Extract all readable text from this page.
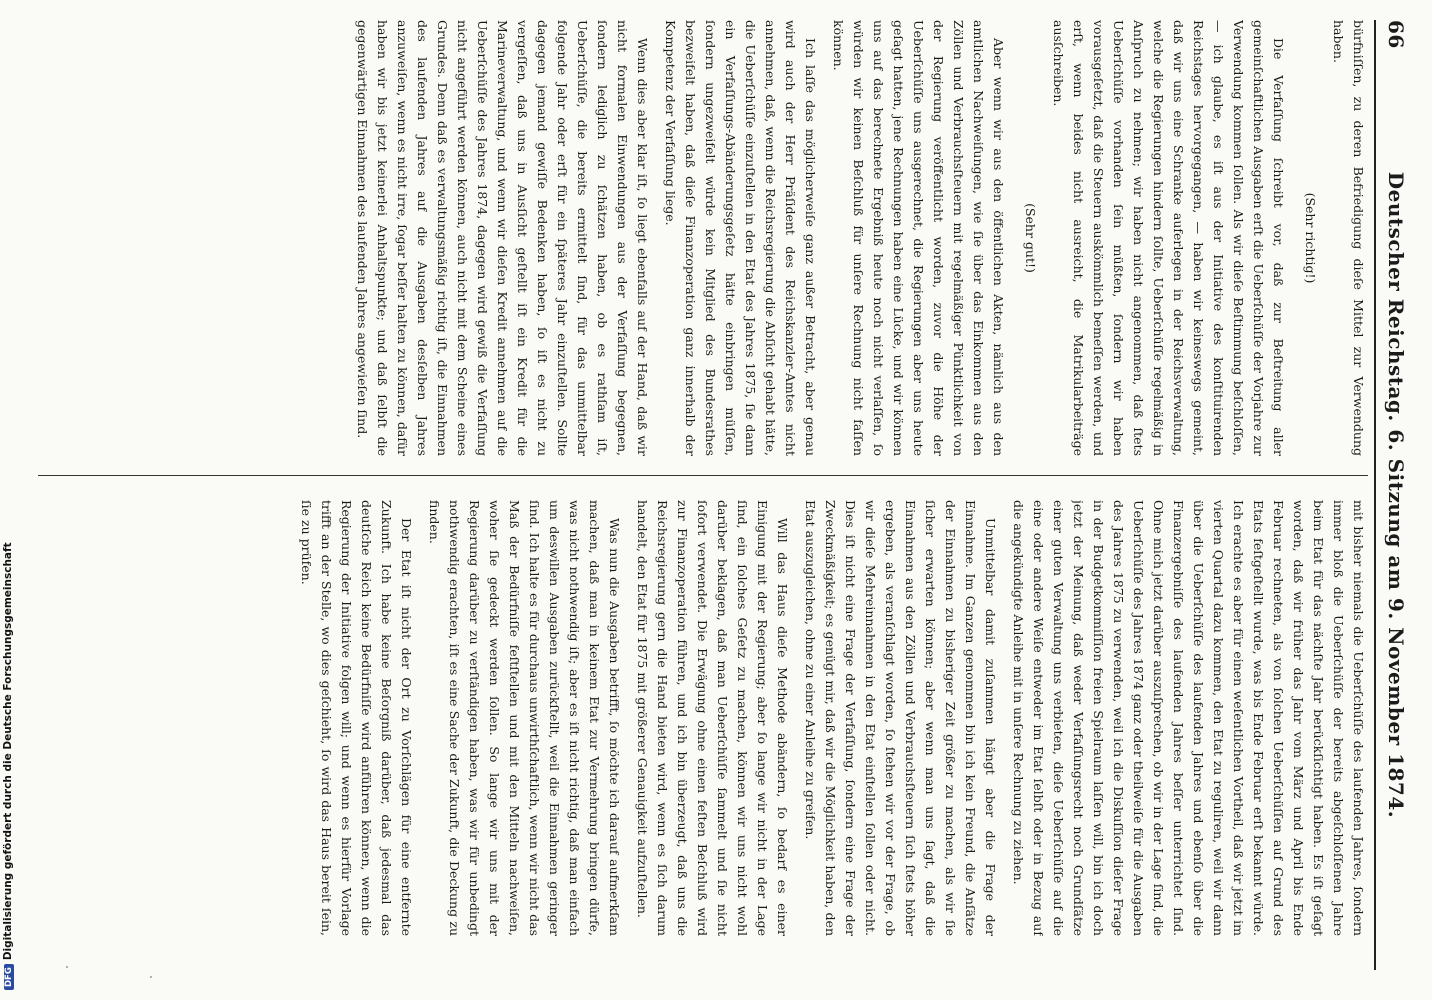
66
Deutscher Reichstag. 6. Sitzung am 9. November 1874.

bürfniſſen, zu deren Befriedigung dieſe Mittel zur Verwendung haben.

(Sehr richtig!)

Die Verfaſſung ſchreibt vor, daß zur Beſtreitung aller gemeinſchaftlichen Ausgaben erſt die Ueberſchüſſe der Vorjahre zur Verwendung kommen ſollen. Als wir dieſe Beſtimmung beſchloſſen, — ich glaube, es iſt aus der Initiative des konſtituirenden Reichstages hervorgegangen, — haben wir keineswegs gemeint, daß wir uns eine Schranke auferlegen in der Reichsverwaltung, welche die Regierungen hindern ſollte, Ueberſchüſſe regelmäßig in Anſpruch zu nehmen; wir haben nicht angenommen, daß ſtets Ueberſchüſſe vorhanden ſein müßten, ſondern wir haben vorausgeſetzt, daß die Steuern auskömmlich bemeſſen werden, und erſt, wenn beides nicht ausreicht, die Matrikularbeiträge ausſchreiben.

(Sehr gut!)

Aber wenn wir aus den öffentlichen Akten, nämlich aus den amtlichen Nachweiſungen, wie ſie über das Einkommen aus den Zöllen und Verbrauchsſteuern mit regelmäßiger Pünktlichkeit von der Regierung veröffentlicht worden, zuvor die Höhe der Ueberſchüſſe uns ausgerechnet, die Regierungen aber uns heute geſagt hatten, jene Rechnungen haben eine Lücke, und wir können uns auf das berechnete Ergebniß heute noch nicht verlaſſen, ſo würden wir keinen Beſchluß für unſere Rechnung nicht faſſen können.

Ich laſſe das möglicherweiſe ganz außer Betracht, aber genau wird auch der Herr Präſident des Reichskanzler-Amtes nicht annehmen, daß, wenn die Reichsregierung die Abſicht gehabt hätte, die Ueberſchüſſe einzuſtellen in den Etat des Jahres 1875, ſie dann ein Verfaſſungs-Abänderungsgeſetz hätte einbringen müſſen, ſondern ungezweifelt würde kein Mitglied des Bundesrathes bezweifelt haben, daß dieſe Finanzoperation ganz innerhalb der Kompetenz der Verfaſſung liege.

Wenn dies aber klar iſt, ſo liegt ebenfalls auf der Hand, daß wir nicht formalen Einwendungen aus der Verfaſſung begegnen, ſondern lediglich zu ſchätzen haben, ob es rathſam iſt, Ueberſchüſſe, die bereits ermittelt ſind, für das unmittelbar folgende Jahr oder erſt für ein ſpäteres Jahr einzuſtellen. Sollte dagegen jemand gewiſſe Bedenken haben, ſo iſt es nicht zu vergeſſen, daß uns in Ausſicht geſtellt iſt ein Kredit für die Marineverwaltung, und wenn wir dieſen Kredit annehmen auf die Ueberſchüſſe des Jahres 1874, dagegen wird gewiß die Verfaſſung nicht angeführt werden können, auch nicht mit dem Scheine eines Grundes. Denn daß es verwaltungsmäßig richtig iſt, die Einnahmen des laufenden Jahres auf die Ausgaben desſelben Jahres anzuweiſen, wenn es nicht irre, ſogar beſſer halten zu können, dafür haben wir bis jetzt keinerlei Anhaltspunkte; und daß ſelbſt die gegenwärtigen Einnahmen des laufenden Jahres angewieſen ſind.

mit bisher niemals die Ueberſchüſſe des laufenden Jahres, ſondern immer bloß die Ueberſchüſſe der bereits abgeſchloſſenen Jahre beim Etat für das nächſte Jahr berückſichtigt haben. Es iſt geſagt worden, daß wir früher das Jahr vom März und April bis Ende Februar rechneten, als von ſolchen Ueberſchüſſen auf Grund des Etats feſtgeſtellt wurde, was bis Ende Februar erſt bekannt würde. Ich erachte es aber für einen weſentlichen Vortheil, daß wir jetzt im vierten Quartal dazu kommen, den Etat zu reguliren, weil wir dann über die Ueberſchüſſe des laufenden Jahres und ebenſo über die Finanzergebniſſe des laufenden Jahres beſſer unterrichtet ſind. Ohne mich jetzt darüber auszuſprechen, ob wir in der Lage ſind, die Ueberſchüſſe des Jahres 1874 ganz oder theilweiſe für die Ausgaben des Jahres 1875 zu verwenden, weil ich die Diskuſſion dieſer Frage in der Budgetkommiſſion freien Spielraum laſſen will, bin ich doch jetzt der Meinung, daß weder Verfaſſungsrecht noch Grundſätze einer guten Verwaltung uns verbieten, dieſe Ueberſchüſſe auf die eine oder andere Weiſe entweder im Etat ſelbſt oder in Bezug auf die angekündigte Anleihe mit in unſere Rechnung zu ziehen.

Unmittelbar damit zuſammen hängt aber die Frage der Einnahme. Im Ganzen genommen bin ich kein Freund, die Anſätze der Einnahmen zu bisheriger Zeit größer zu machen, als wir ſie ſicher erwarten können; aber wenn man uns ſagt, daß die Einnahmen aus den Zöllen und Verbrauchsſteuern ſich ſtets höher ergeben, als veranſchlagt worden, ſo ſtehen wir vor der Frage, ob wir dieſe Mehreinnahmen in den Etat einſtellen ſollen oder nicht. Dies iſt nicht eine Frage der Verfaſſung, ſondern eine Frage der Zweckmäßigkeit; es genügt mir, daß wir die Möglichkeit haben, den Etat auszugleichen, ohne zu einer Anleihe zu greifen.

Will das Haus dieſe Methode abändern, ſo bedarf es einer Einigung mit der Regierung; aber ſo lange wir nicht in der Lage ſind, ein ſolches Geſetz zu machen, können wir uns nicht wohl darüber beklagen, daß man Ueberſchüſſe ſammelt und ſie nicht ſofort verwendet. Die Erwägung ohne einen feſten Beſchluß wird zur Finanzoperation führen, und ich bin überzeugt, daß uns die Reichsregierung gern die Hand bieten wird, wenn es ſich darum handelt, den Etat für 1875 mit größerer Genauigkeit aufzuſtellen.

Was nun die Ausgaben betrifft, ſo möchte ich darauf aufmerkſam machen, daß man in keinem Etat zur Vermehrung bringen dürfe, was nicht nothwendig iſt; aber es iſt nicht richtig, daß man einfach um deswillen Ausgaben zurückſtellt, weil die Einnahmen geringer ſind. Ich halte es für durchaus unwirthſchaftlich, wenn wir nicht das Maß der Bedürfniſſe feſtſtellen und mit den Mitteln nachweiſen, woher ſie gedeckt werden ſollen. So lange wir uns mit der Regierung darüber zu verſtändigen haben, was wir für unbedingt nothwendig erachten, iſt es eine Sache der Zukunft, die Deckung zu finden.

Der Etat iſt nicht der Ort zu Vorſchlägen für eine entfernte Zukunft. Ich habe keine Beſorgniß darüber, daß jedesmal das deutſche Reich keine Bedürfniſſe wird anführen können, wenn die Regierung der Initiative folgen will; und wenn es hierfür Vorlage trifft an der Stelle, wo dies geſchieht, ſo wird das Haus bereit ſein, ſie zu prüfen.

DFGDigitalisierung gefördert durch die Deutsche Forschungsgemeinschaft
